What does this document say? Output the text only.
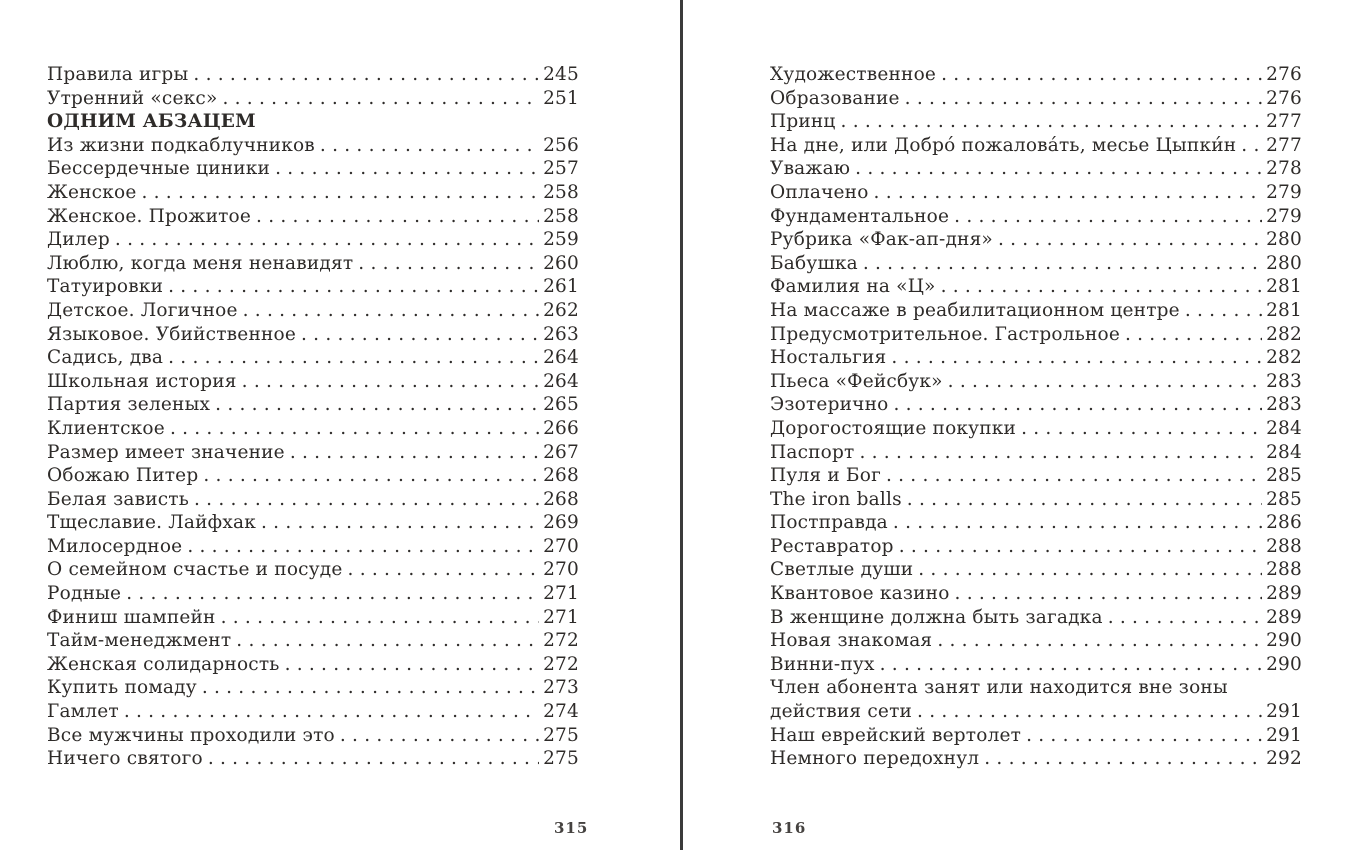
Правила игры . . .	245
Утренний «секс» . . .	251
ОДНИМ АБЗАЦЕМ
Из жизни подкаблучников . . .	256
Бессердечные циники . . .	257
Женское . . .	258
Женское. Прожитое . . .	258
Дилер . . .	259
Люблю, когда меня ненавидят . . .	260
Татуировки . . .	261
Детское. Логичное . . .	262
Языковое. Убийственное . . .	263
Садись, два . . .	264
Школьная история . . .	264
Партия зеленых . . .	265
Клиентское . . .	266
Размер имеет значение . . .	267
Обожаю Питер . . .	268
Белая зависть . . .	268
Тщеславие. Лайфхак . . .	269
Милосердное . . .	270
О семейном счастье и посуде . . .	270
Родные . . .	271
Финиш шампейн . . .	271
Тайм-менеджмент . . .	272
Женская солидарность . . .	272
Купить помаду . . .	273
Гамлет . . .	274
Все мужчины проходили это . . .	275
Ничего святого . . .	275
Художественное . . .	276
Образование . . .	276
Принц . . .	277
На дне, или Добро́ пожалова́ть, месье Цыпки́н . . . 277
Уважаю . . .	278
Оплачено . . .	279
Фундаментальное . . .	279
Рубрика «Фак-ап-дня» . . .	280
Бабушка . . .	280
Фамилия на «Ц» . . .	281
На массаже в реабилитационном центре . . .	281
Предусмотрительное. Гастрольное . . .	282
Ностальгия . . .	282
Пьеса «Фейсбук» . . .	283
Эзотерично . . .	283
Дорогостоящие покупки . . .	284
Паспорт . . .	284
Пуля и Бог . . .	285
The iron balls . . .	285
Постправда . . .	286
Реставратор . . .	288
Светлые души . . .	288
Квантовое казино . . .	289
В женщине должна быть загадка . . .	289
Новая знакомая . . .	290
Винни-пух . . .	290
Член абонента занят или находится вне зоны
действия сети . . .	291
Наш еврейский вертолет . . .	291
Немного передохнул . . .	292
315	316
